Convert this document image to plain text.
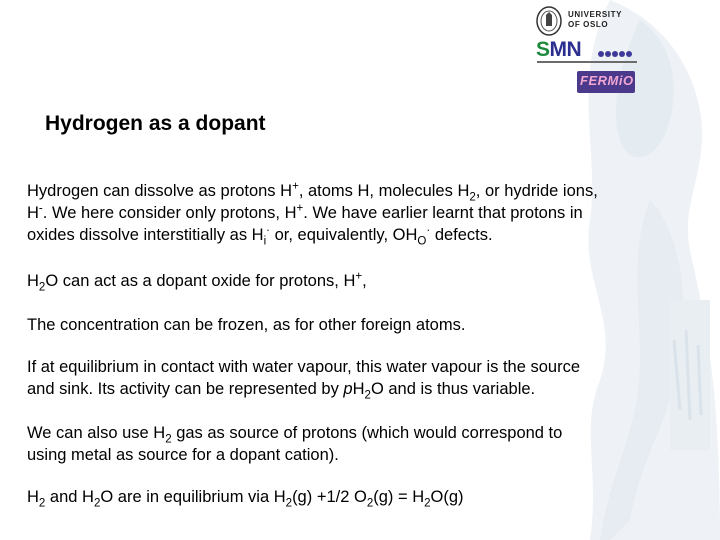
UNIVERSITY OF OSLO
SMN
FERMiO
Hydrogen as a dopant

Hydrogen can dissolve as protons H+, atoms H, molecules $H_2$, or hydride ions,
H-. We here consider only protons, H+. We have earlier learnt that protons in
oxides dissolve interstitially as $H_i^\cdot$ or, equivalently, $OH_O^\cdot$ defects.

$H_2O$ can act as a dopant oxide for protons, H+,

The concentration can be frozen, as for other foreign atoms.

If at equilibrium in contact with water vapour, this water vapour is the source
and sink. Its activity can be represented by $pH_2O$ and is thus variable.

We can also use $H_2$ gas as source of protons (which would correspond to
using metal as source for a dopant cation).

$H_2$ and $H_2O$ are in equilibrium via $H_2(g) +1/2$ $O_2(g) = H_2O(g)$
